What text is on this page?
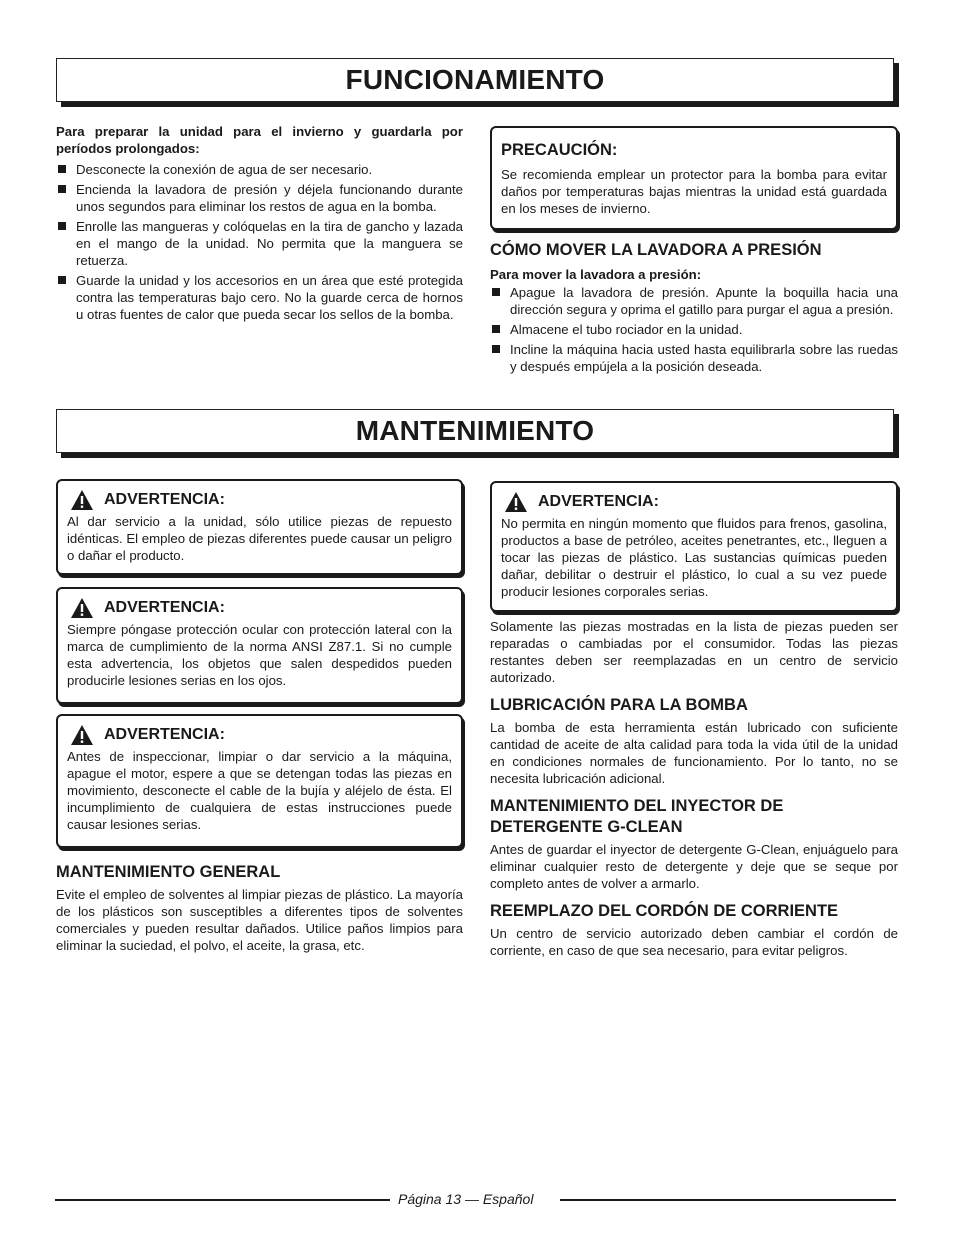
FUNCIONAMIENTO

Para preparar la unidad para el invierno y guardarla por períodos prolongados:

Desconecte la conexión de agua de ser necesario.
Encienda la lavadora de presión y déjela funcionando durante unos segundos para eliminar los restos de agua en la bomba.
Enrolle las mangueras y colóquelas en la tira de gancho y lazada en el mango de la unidad. No permita que la manguera se retuerza.
Guarde la unidad y los accesorios en un área que esté protegida contra las temperaturas bajo cero. No la guarde cerca de hornos u otras fuentes de calor que pueda secar los sellos de la bomba.
PRECAUCIÓN:

Se recomienda emplear un protector para la bomba para evitar daños por temperaturas bajas mientras la unidad está guardada en los meses de invierno.

CÓMO MOVER LA LAVADORA A PRESIÓN

Para mover la lavadora a presión:

Apague la lavadora de presión. Apunte la boquilla hacia una dirección segura y oprima el gatillo para purgar el agua a presión.
Almacene el tubo rociador en la unidad.
Incline la máquina hacia usted hasta equilibrarla sobre las ruedas y después empújela a la posición deseada.
MANTENIMIENTO
ADVERTENCIA:

Al dar servicio a la unidad, sólo utilice piezas de repuesto idénticas. El empleo de piezas diferentes puede causar un peligro o dañar el producto.

ADVERTENCIA:

Siempre póngase protección ocular con protección lateral con la marca de cumplimiento de la norma ANSI Z87.1. Si no cumple esta advertencia, los objetos que salen despedidos pueden producirle lesiones serias en los ojos.

ADVERTENCIA:

Antes de inspeccionar, limpiar o dar servicio a la máquina, apague el motor, espere a que se detengan todas las piezas en movimiento, desconecte el cable de la bujía y aléjelo de ésta. El incumplimiento de cualquiera de estas instrucciones puede causar lesiones serias.

MANTENIMIENTO GENERAL

Evite el empleo de solventes al limpiar piezas de plástico. La mayoría de los plásticos son susceptibles a diferentes tipos de solventes comerciales y pueden resultar dañados. Utilice paños limpios para eliminar la suciedad, el polvo, el aceite, la grasa, etc.

ADVERTENCIA:

No permita en ningún momento que fluidos para frenos, gasolina, productos a base de petróleo, aceites penetrantes, etc., lleguen a tocar las piezas de plástico. Las sustancias químicas pueden dañar, debilitar o destruir el plástico, lo cual a su vez puede producir lesiones corporales serias.

Solamente las piezas mostradas en la lista de piezas pueden ser reparadas o cambiadas por el consumidor. Todas las piezas restantes deben ser reemplazadas en un centro de servicio autorizado.

LUBRICACIÓN PARA LA BOMBA

La bomba de esta herramienta están lubricado con suficiente cantidad de aceite de alta calidad para toda la vida útil de la unidad en condiciones normales de funcionamiento. Por lo tanto, no se necesita lubricación adicional.

MANTENIMIENTO DEL INYECTOR DE DETERGENTE G-CLEAN

Antes de guardar el inyector de detergente G-Clean, enjuáguelo para eliminar cualquier resto de detergente y deje que se seque por completo antes de volver a armarlo.

REEMPLAZO DEL CORDÓN DE CORRIENTE

Un centro de servicio autorizado deben cambiar el cordón de corriente, en caso de que sea necesario, para evitar peligros.

Página 13 — Español
